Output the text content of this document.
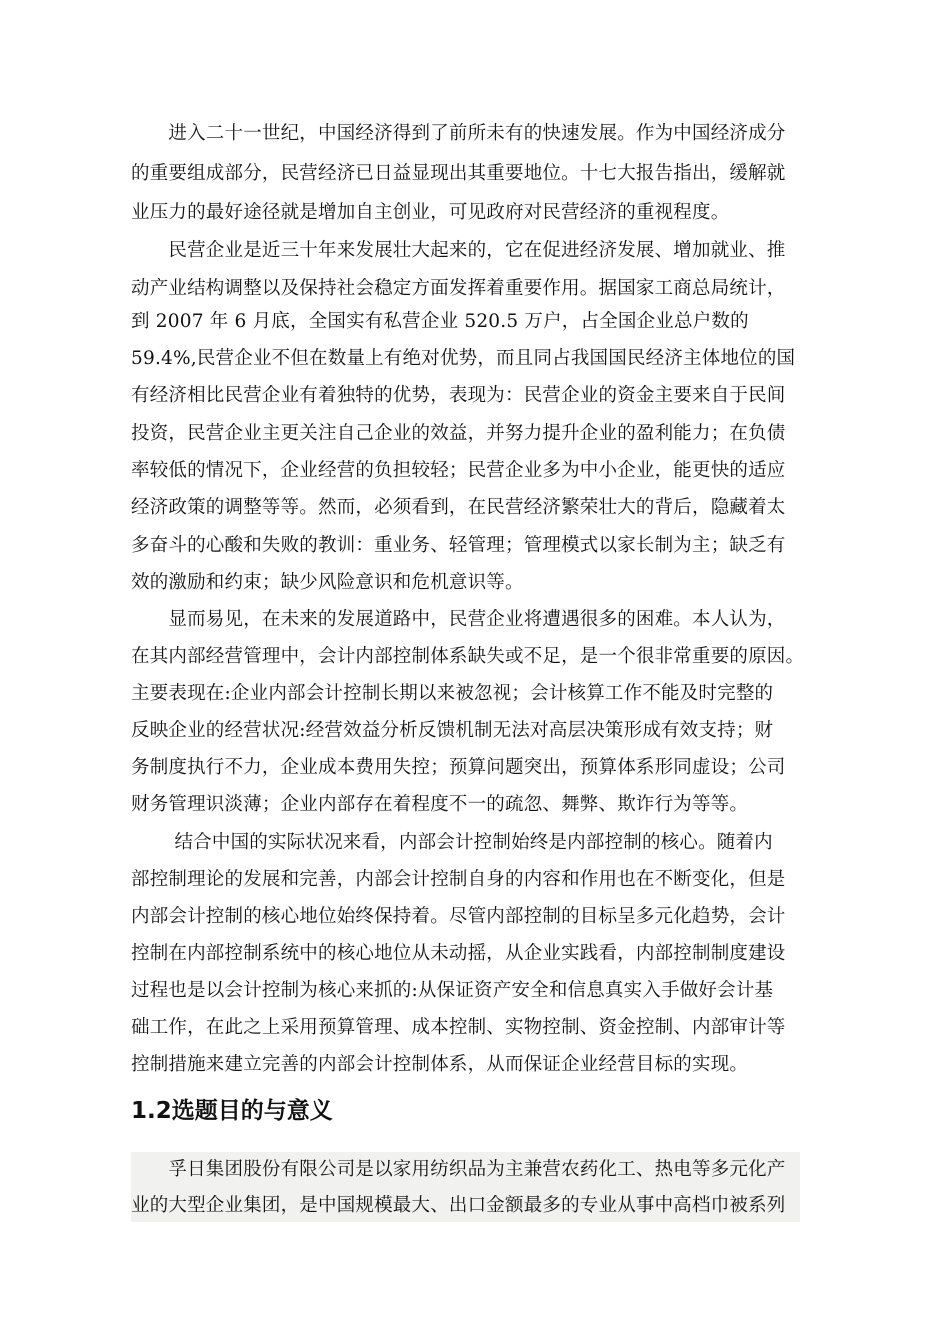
　　进入二十一世纪，中国经济得到了前所未有的快速发展。作为中国经济成分
的重要组成部分，民营经济已日益显现出其重要地位。十七大报告指出，缓解就
业压力的最好途径就是增加自主创业，可见政府对民营经济的重视程度。
　　民营企业是近三十年来发展壮大起来的，它在促进经济发展、增加就业、推
动产业结构调整以及保持社会稳定方面发挥着重要作用。据国家工商总局统计，
到 2007 年 6 月底，全国实有私营企业 520.5 万户，占全国企业总户数的
59.4%,民营企业不但在数量上有绝对优势，而且同占我国国民经济主体地位的国
有经济相比民营企业有着独特的优势，表现为：民营企业的资金主要来自于民间
投资，民营企业主更关注自己企业的效益，并努力提升企业的盈利能力；在负债
率较低的情况下，企业经营的负担较轻；民营企业多为中小企业，能更快的适应
经济政策的调整等等。然而，必须看到，在民营经济繁荣壮大的背后，隐藏着太
多奋斗的心酸和失败的教训：重业务、轻管理；管理模式以家长制为主；缺乏有
效的激励和约束；缺少风险意识和危机意识等。
　　显而易见，在未来的发展道路中，民营企业将遭遇很多的困难。本人认为，
在其内部经营管理中，会计内部控制体系缺失或不足，是一个很非常重要的原因。
主要表现在:企业内部会计控制长期以来被忽视；会计核算工作不能及时完整的
反映企业的经营状况:经营效益分析反馈机制无法对高层决策形成有效支持；财
务制度执行不力，企业成本费用失控；预算问题突出，预算体系形同虚设；公司
财务管理识淡薄；企业内部存在着程度不一的疏忽、舞弊、欺诈行为等等。
　　 结合中国的实际状况来看，内部会计控制始终是内部控制的核心。随着内
部控制理论的发展和完善，内部会计控制自身的内容和作用也在不断变化，但是
内部会计控制的核心地位始终保持着。尽管内部控制的目标呈多元化趋势，会计
控制在内部控制系统中的核心地位从未动摇，从企业实践看，内部控制制度建设
过程也是以会计控制为核心来抓的:从保证资产安全和信息真实入手做好会计基
础工作，在此之上采用预算管理、成本控制、实物控制、资金控制、内部审计等
控制措施来建立完善的内部会计控制体系，从而保证企业经营目标的实现。
1.2选题目的与意义
　　孚日集团股份有限公司是以家用纺织品为主兼营农药化工、热电等多元化产
业的大型企业集团，是中国规模最大、出口金额最多的专业从事中高档巾被系列
